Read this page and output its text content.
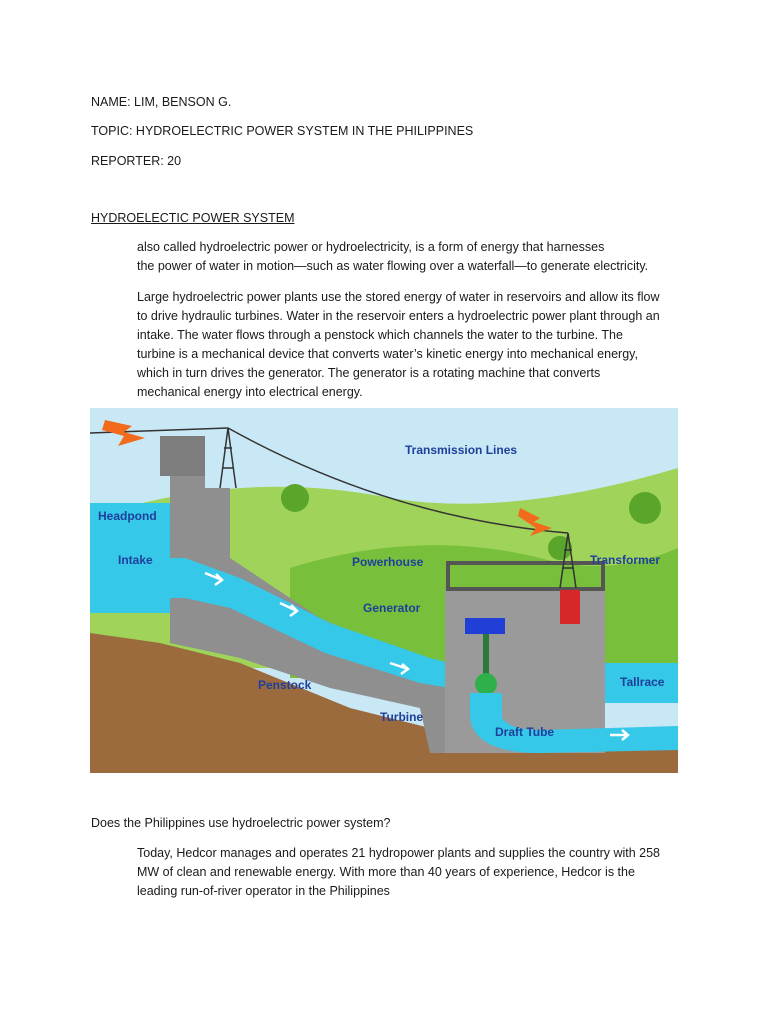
NAME: LIM, BENSON G.
TOPIC: HYDROELECTRIC POWER SYSTEM IN THE PHILIPPINES
REPORTER: 20
HYDROELECTIC POWER SYSTEM
also called hydroelectric power or hydroelectricity, is a form of energy that harnesses
the power of water in motion—such as water flowing over a waterfall—to generate electricity.
Large hydroelectric power plants use the stored energy of water in reservoirs and allow its flow
to drive hydraulic turbines. Water in the reservoir enters a hydroelectric power plant through an
intake. The water flows through a penstock which channels the water to the turbine. The
turbine is a mechanical device that converts water’s kinetic energy into mechanical energy,
which in turn drives the generator. The generator is a rotating machine that converts
mechanical energy into electrical energy.
Transmission Lines
Headpond
Intake	Powerhouse	Transformer
Generator
Penstock	Tallrace
Turbine
Draft Tube
Does the Philippines use hydroelectric power system?
Today, Hedcor manages and operates 21 hydropower plants and supplies the country with 258
MW of clean and renewable energy. With more than 40 years of experience, Hedcor is the
leading run-of-river operator in the Philippines
